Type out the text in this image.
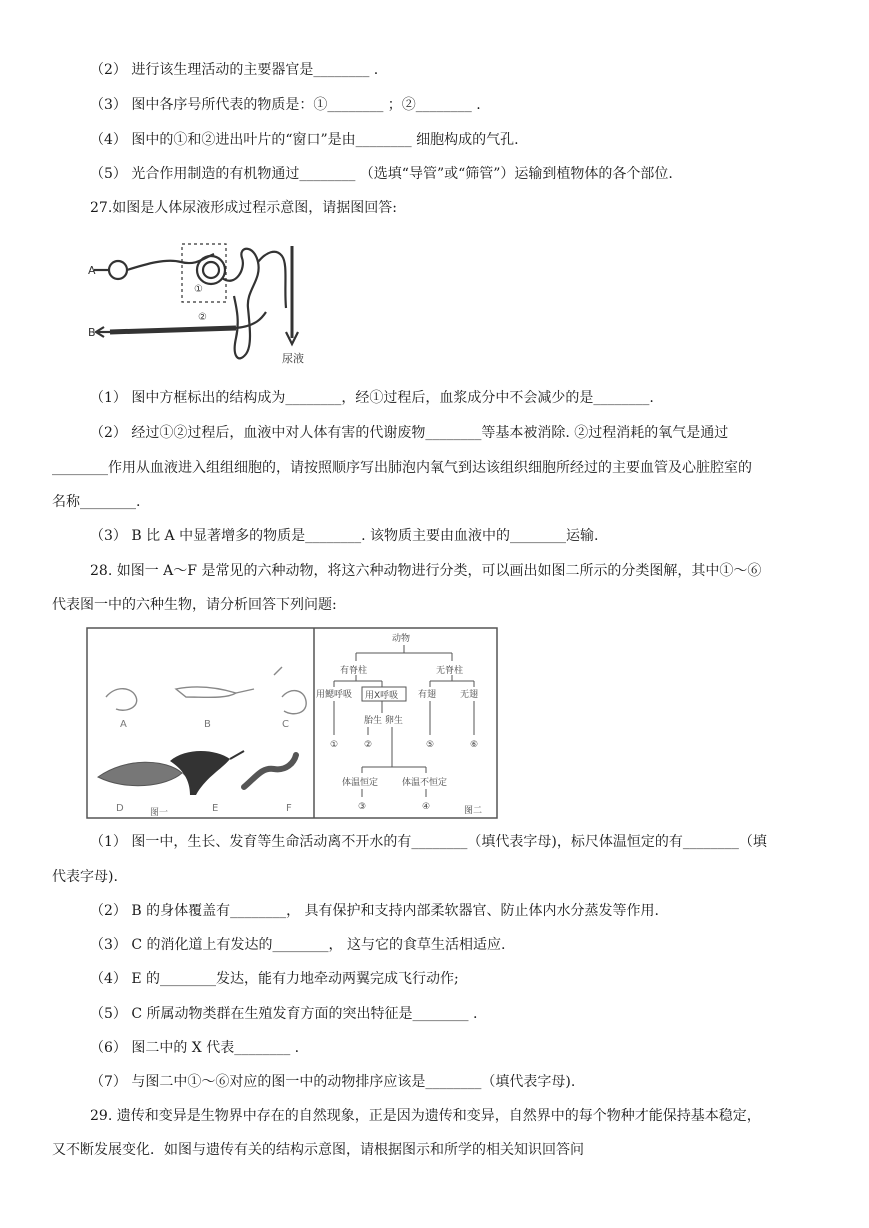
（2） 进行该生理活动的主要器官是________ .
（3） 图中各序号所代表的物质是：①________ ；②________ .
（4） 图中的①和②进出叶片的“窗口”是由________ 细胞构成的气孔.
（5） 光合作用制造的有机物通过________ （选填“导管”或“筛管”）运输到植物体的各个部位.
27.如图是人体尿液形成过程示意图，请据图回答:
A
B
①
②
尿液
（1） 图中方框标出的结构成为________，经①过程后，血浆成分中不会减少的是________.
（2） 经过①②过程后，血液中对人体有害的代谢废物________等基本被消除. ②过程消耗的氧气是通过
________作用从血液进入组组细胞的，请按照顺序写出肺泡内氧气到达该组织细胞所经过的主要血管及心脏腔室的
名称________.
（3） B 比 A 中显著增多的物质是________. 该物质主要由血液中的________运输.
28. 如图一 A～F 是常见的六种动物，将这六种动物进行分类，可以画出如图二所示的分类图解，其中①～⑥
代表图一中的六种生物，请分析回答下列问题:
A	B	C
D	E	F
图一
动物
有脊柱	无脊柱
用鳃呼吸 用X呼吸 有翅	无翅
胎生 卵生
①	②	⑤	⑥
体温恒定	体温不恒定
③	④	图二
（1） 图一中，生长、发育等生命活动离不开水的有________（填代表字母)，标尺体温恒定的有________（填
代表字母).
（2） B 的身体覆盖有________， 具有保护和支持内部柔软器官、防止体内水分蒸发等作用.
（3） C 的消化道上有发达的________， 这与它的食草生活相适应.
（4） E 的________发达，能有力地牵动两翼完成飞行动作;
（5） C 所属动物类群在生殖发育方面的突出特征是________ .
（6） 图二中的 X 代表________ .
（7） 与图二中①～⑥对应的图一中的动物排序应该是________（填代表字母).
29. 遗传和变异是生物界中存在的自然现象，正是因为遗传和变异，自然界中的每个物种才能保持基本稳定，
又不断发展变化．如图与遗传有关的结构示意图，请根据图示和所学的相关知识回答问
